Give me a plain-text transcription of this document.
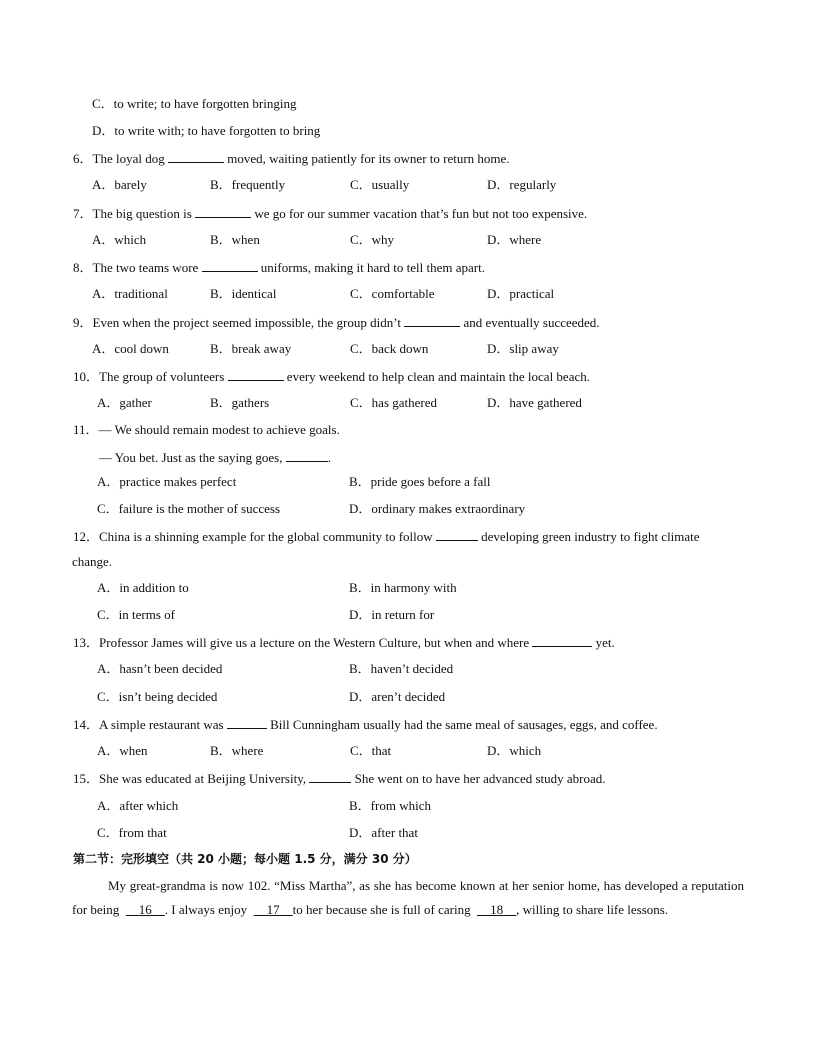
C．to write; to have forgotten bringing
D．to write with; to have forgotten to bring
6．The loyal dog	moved, waiting patiently for its owner to return home.
A．barely	B．frequently	C．usually	D．regularly
7．The big question is	we go for our summer vacation that’s fun but not too expensive.
A．which	B．when	C．why	D．where
8．The two teams wore	uniforms, making it hard to tell them apart.
A．traditional	B．identical	C．comfortable	D．practical
9．Even when the project seemed impossible, the group didn’t	and eventually succeeded.
A．cool down	B．break away	C．back down	D．slip away
10．The group of volunteers	every weekend to help clean and maintain the local beach.
A．gather	B．gathers	C．has gathered	D．have gathered
11．— We should remain modest to achieve goals.
— You bet. Just as the saying goes,	.
A．practice makes perfect	B．pride goes before a fall
C．failure is the mother of success	D．ordinary makes extraordinary
12．China is a shinning example for the global community to follow	developing green industry to fight climate
change.
A．in addition to	B．in harmony with
C．in terms of	D．in return for
13．Professor James will give us a lecture on the Western Culture, but when and where	yet.
A．hasn’t been decided	B．haven’t decided
C．isn’t being decided	D．aren’t decided
14．A simple restaurant was	Bill Cunningham usually had the same meal of sausages, eggs, and coffee.
A．when	B．where	C．that	D．which
15．She was educated at Beijing University,	She went on to have her advanced study abroad.
A．after which	B．from which
C．from that	D．after that
第二节：完形填空（共 20 小题；每小题 1.5 分，满分 30 分）
My great-grandma is now 102. “Miss Martha”, as she has become known at her senior home, has developed a reputation for being 16 . I always enjoy 17 to her because she is full of caring 18 , willing to share life lessons.
